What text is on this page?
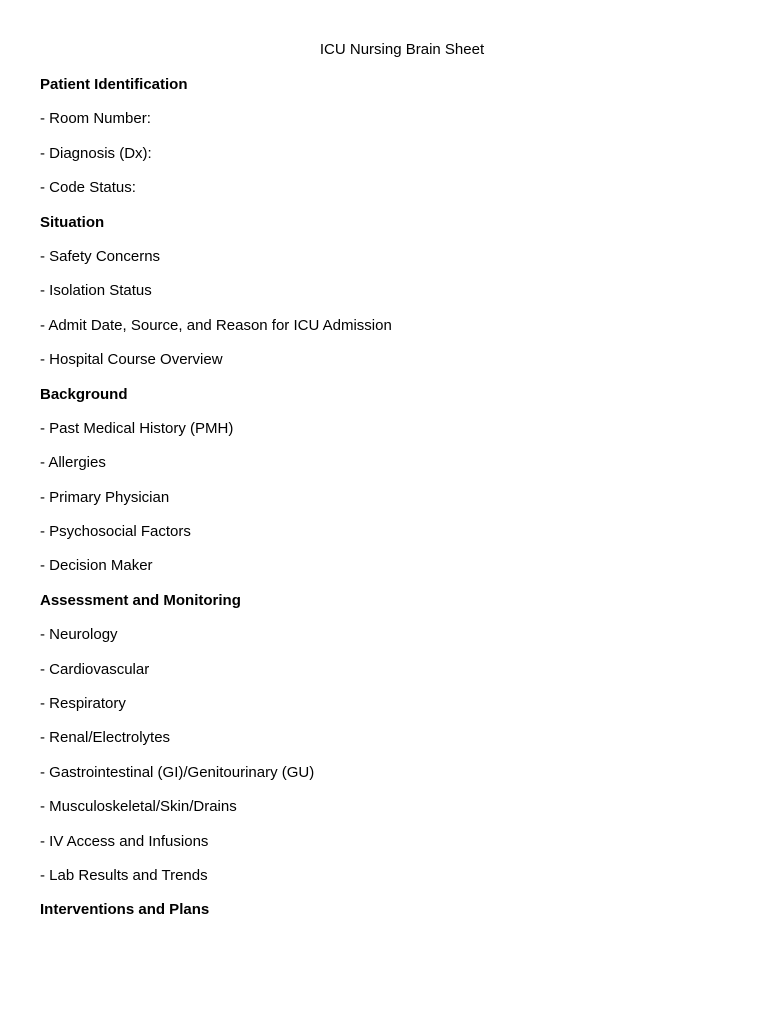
ICU Nursing Brain Sheet
Patient Identification
- Room Number:
- Diagnosis (Dx):
- Code Status:
Situation
- Safety Concerns
- Isolation Status
- Admit Date, Source, and Reason for ICU Admission
- Hospital Course Overview
Background
- Past Medical History (PMH)
- Allergies
- Primary Physician
- Psychosocial Factors
- Decision Maker
Assessment and Monitoring
- Neurology
- Cardiovascular
- Respiratory
- Renal/Electrolytes
- Gastrointestinal (GI)/Genitourinary (GU)
- Musculoskeletal/Skin/Drains
- IV Access and Infusions
- Lab Results and Trends
Interventions and Plans
